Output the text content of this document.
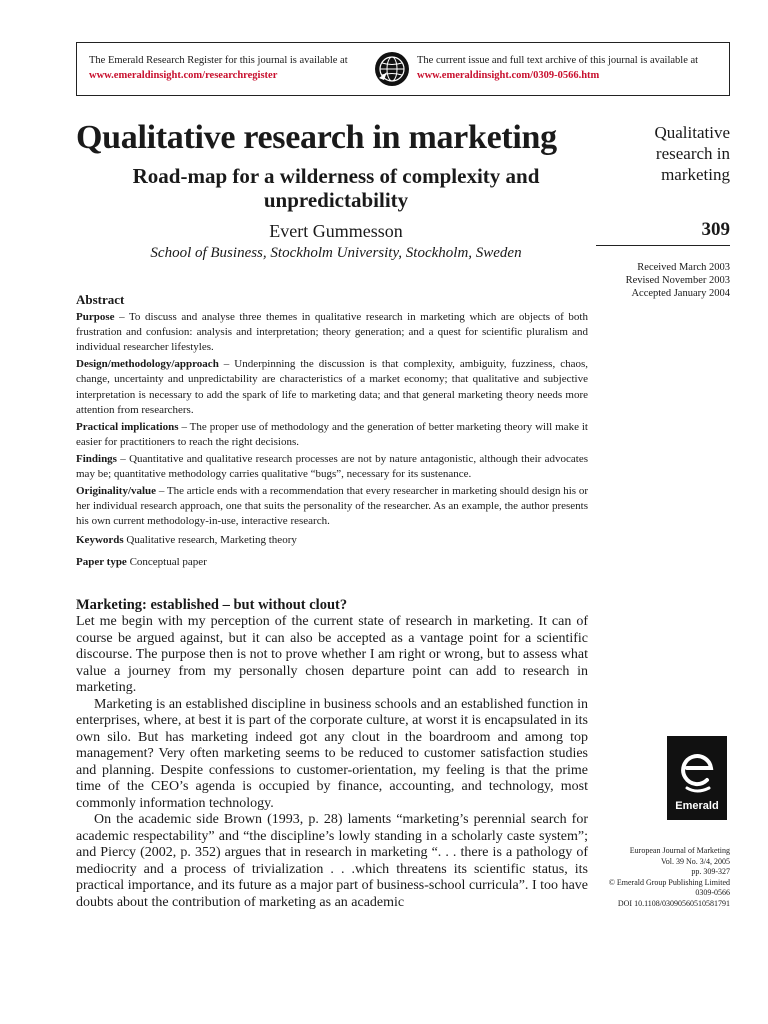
The Emerald Research Register for this journal is available at
www.emeraldinsight.com/researchregister
The current issue and full text archive of this journal is available at
www.emeraldinsight.com/0309-0566.htm
Qualitative research in marketing
Road-map for a wilderness of complexity and unpredictability
Evert Gummesson
School of Business, Stockholm University, Stockholm, Sweden
Qualitative research in marketing
309
Received March 2003
Revised November 2003
Accepted January 2004
Abstract

Purpose – To discuss and analyse three themes in qualitative research in marketing which are objects of both frustration and confusion: analysis and interpretation; theory generation; and a quest for scientific pluralism and individual researcher lifestyles.

Design/methodology/approach – Underpinning the discussion is that complexity, ambiguity, fuzziness, chaos, change, uncertainty and unpredictability are characteristics of a market economy; that qualitative and subjective interpretation is necessary to add the spark of life to marketing data; and that general marketing theory needs more attention from researchers.

Practical implications – The proper use of methodology and the generation of better marketing theory will make it easier for practitioners to reach the right decisions.

Findings – Quantitative and qualitative research processes are not by nature antagonistic, although their advocates may be; quantitative methodology carries qualitative “bugs”, necessary for its sustenance.

Originality/value – The article ends with a recommendation that every researcher in marketing should design his or her individual research approach, one that suits the personality of the researcher. As an example, the author presents his own current methodology-in-use, interactive research.

Keywords Qualitative research, Marketing theory

Paper type Conceptual paper

Marketing: established – but without clout?

Let me begin with my perception of the current state of research in marketing. It can of course be argued against, but it can also be accepted as a vantage point for a scientific discourse. The purpose then is not to prove whether I am right or wrong, but to assess what value a journey from my personally chosen departure point can add to research in marketing.

Marketing is an established discipline in business schools and an established function in enterprises, where, at best it is part of the corporate culture, at worst it is encapsulated in its own silo. But has marketing indeed got any clout in the boardroom and among top management? Very often marketing seems to be reduced to customer satisfaction studies and planning. Despite confessions to customer-orientation, my feeling is that the prime time of the CEO’s agenda is occupied by finance, accounting, and technology, most commonly information technology.

On the academic side Brown (1993, p. 28) laments “marketing’s perennial search for academic respectability” and “the discipline’s lowly standing in a scholarly caste system”; and Piercy (2002, p. 352) argues that in research in marketing “. . . there is a pathology of mediocrity and a process of trivialization . . .which threatens its scientific status, its practical importance, and its future as a major part of business-school curricula”. I too have doubts about the contribution of marketing as an academic

Emerald
European Journal of Marketing
Vol. 39 No. 3/4, 2005
pp. 309-327
© Emerald Group Publishing Limited
0309-0566
DOI 10.1108/03090560510581791
